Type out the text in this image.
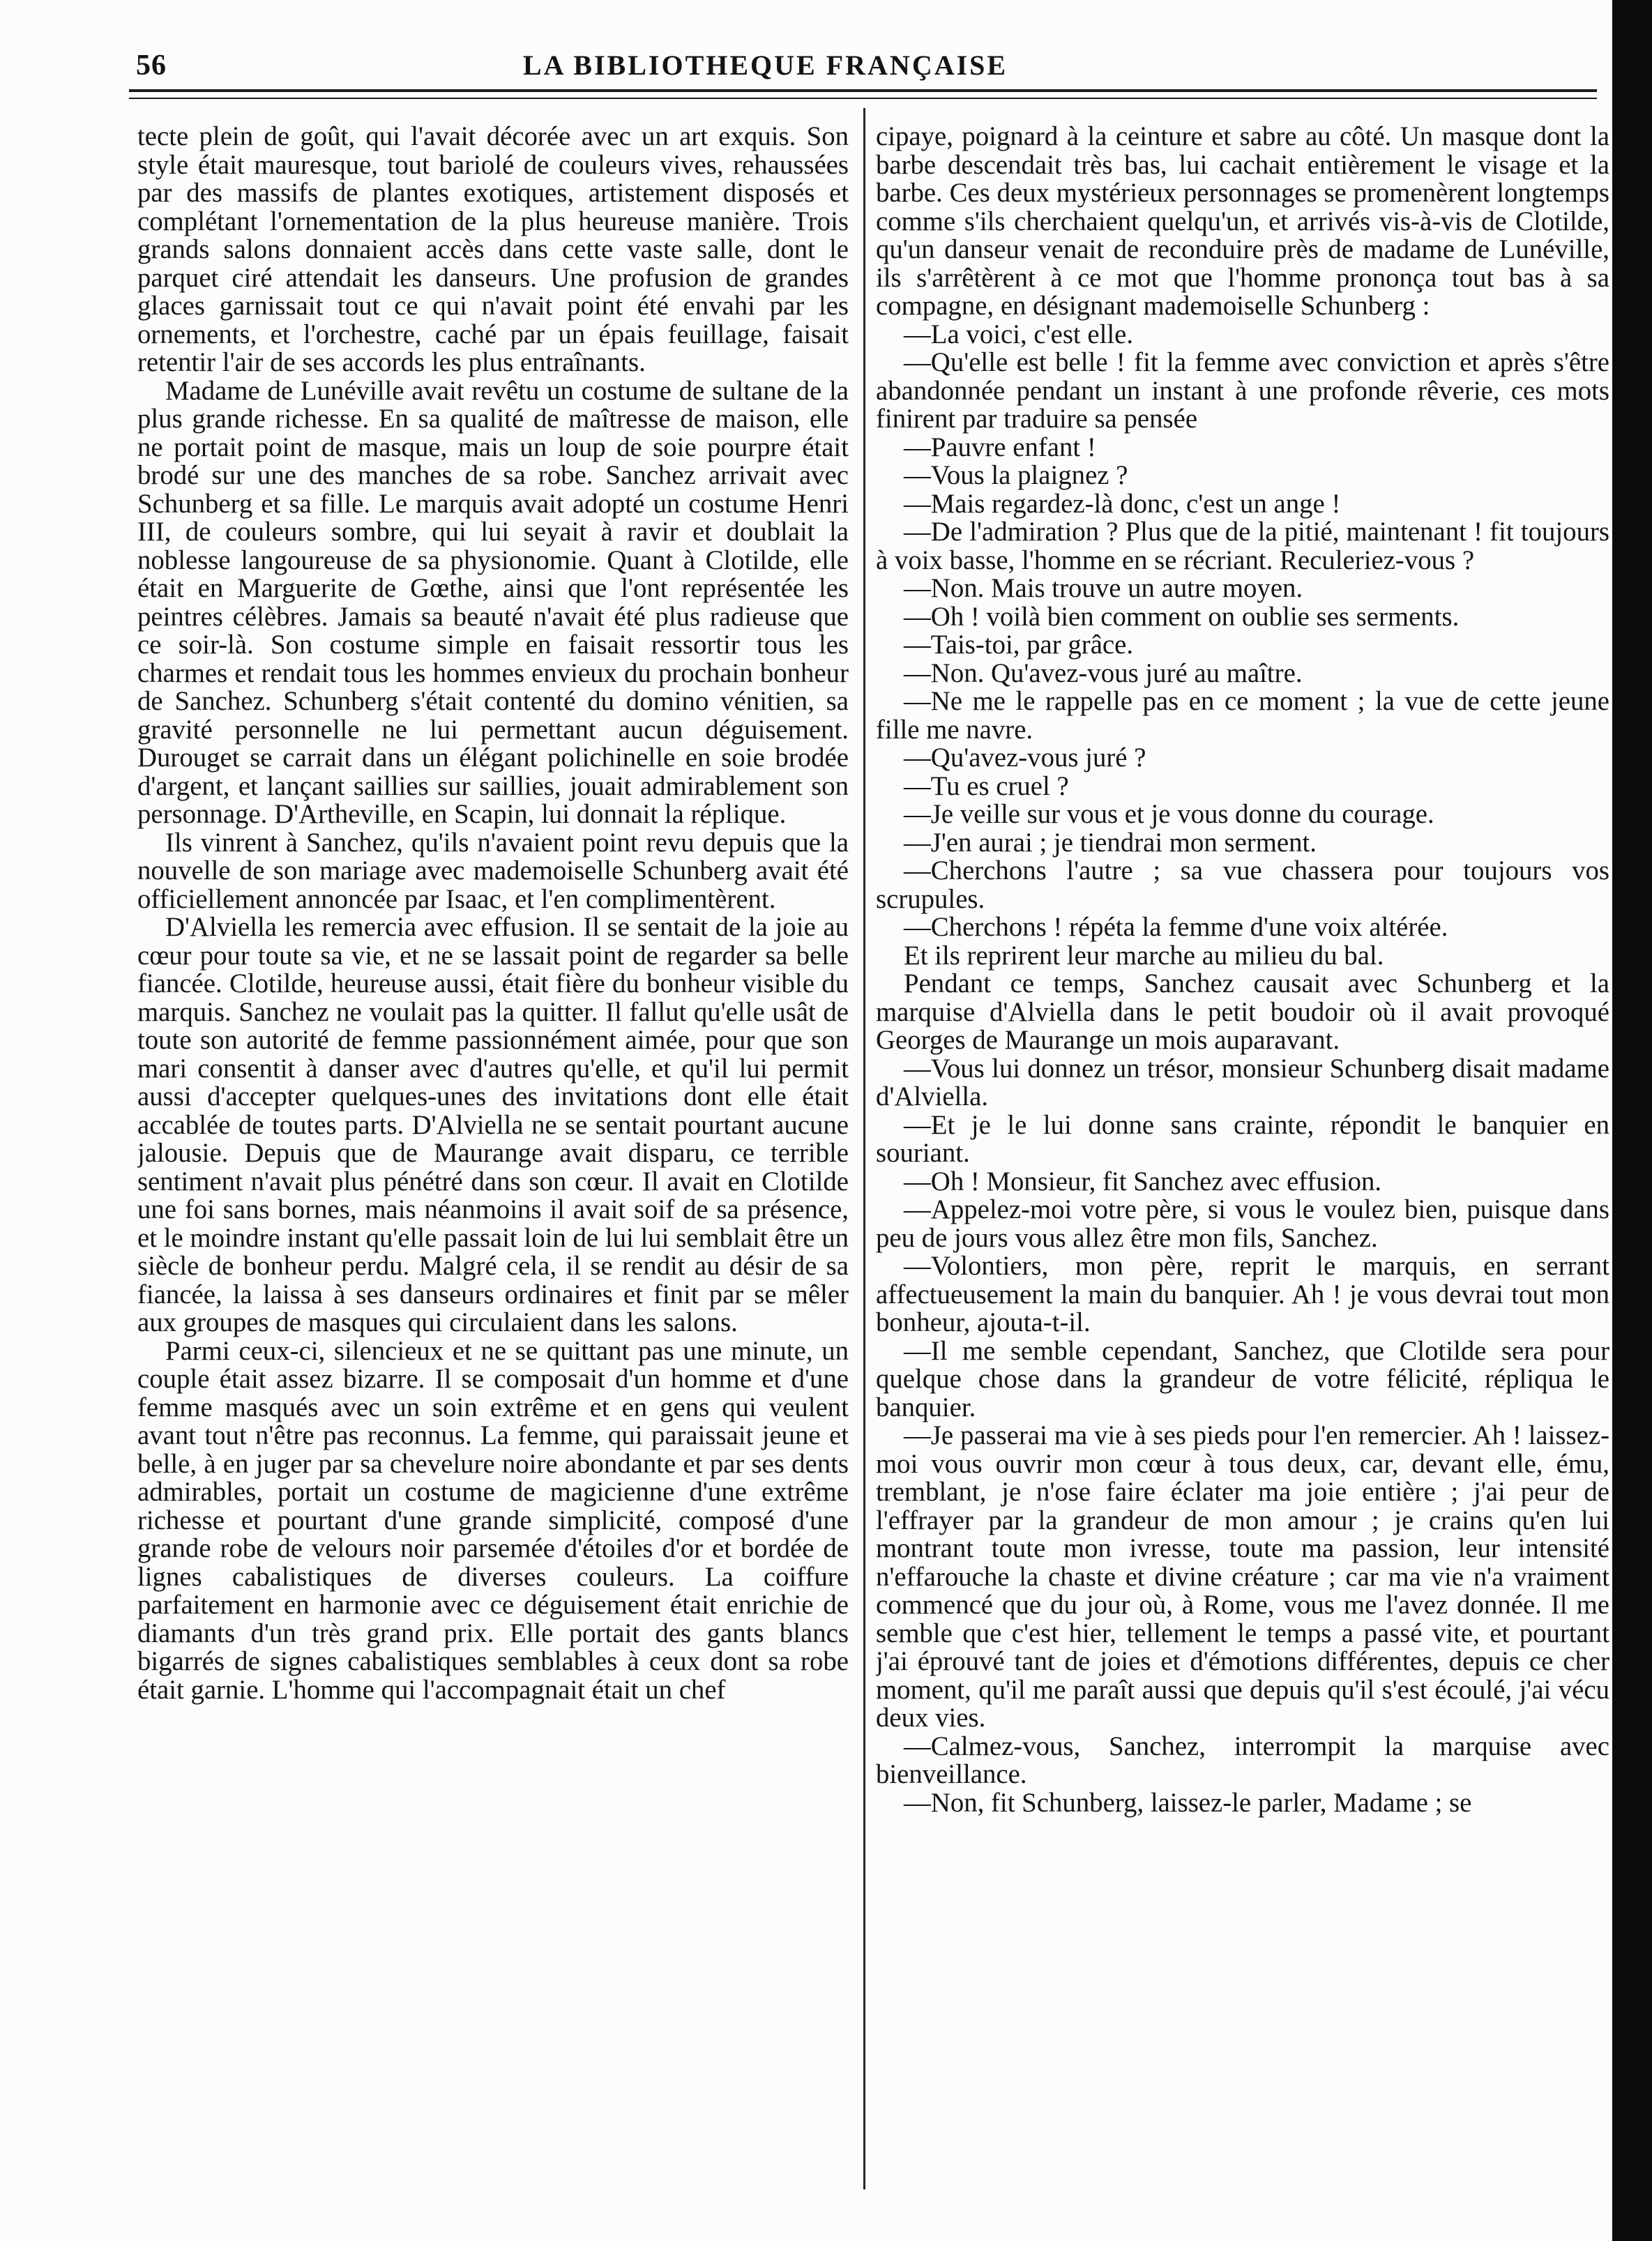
56	LA BIBLIOTHEQUE FRANÇAISE

tecte plein de goût, qui l'avait décorée avec un art exquis. Son style était mauresque, tout bariolé de couleurs vives, rehaussées par des massifs de plantes exotiques, artistement disposés et complétant l'ornementation de la plus heureuse manière. Trois grands salons donnaient accès dans cette vaste salle, dont le parquet ciré attendait les danseurs. Une profusion de grandes glaces garnissait tout ce qui n'avait point été envahi par les ornements, et l'orchestre, caché par un épais feuillage, faisait retentir l'air de ses accords les plus entraînants.

Madame de Lunéville avait revêtu un costume de sultane de la plus grande richesse. En sa qualité de maîtresse de maison, elle ne portait point de masque, mais un loup de soie pourpre était brodé sur une des manches de sa robe. Sanchez arrivait avec Schunberg et sa fille. Le marquis avait adopté un costume Henri III, de couleurs sombre, qui lui seyait à ravir et doublait la noblesse langoureuse de sa physionomie. Quant à Clotilde, elle était en Marguerite de Gœthe, ainsi que l'ont représentée les peintres célèbres. Jamais sa beauté n'avait été plus radieuse que ce soir-là. Son costume simple en faisait ressortir tous les charmes et rendait tous les hommes envieux du prochain bonheur de Sanchez. Schunberg s'était contenté du domino vénitien, sa gravité personnelle ne lui permettant aucun déguisement. Durouget se carrait dans un élégant polichinelle en soie brodée d'argent, et lançant saillies sur saillies, jouait admirablement son personnage. D'Artheville, en Scapin, lui donnait la réplique.

Ils vinrent à Sanchez, qu'ils n'avaient point revu depuis que la nouvelle de son mariage avec mademoiselle Schunberg avait été officiellement annoncée par Isaac, et l'en complimentèrent.

D'Alviella les remercia avec effusion. Il se sentait de la joie au cœur pour toute sa vie, et ne se lassait point de regarder sa belle fiancée. Clotilde, heureuse aussi, était fière du bonheur visible du marquis. Sanchez ne voulait pas la quitter. Il fallut qu'elle usât de toute son autorité de femme passionnément aimée, pour que son mari consentit à danser avec d'autres qu'elle, et qu'il lui permit aussi d'accepter quelques-unes des invitations dont elle était accablée de toutes parts. D'Alviella ne se sentait pourtant aucune jalousie. Depuis que de Maurange avait disparu, ce terrible sentiment n'avait plus pénétré dans son cœur. Il avait en Clotilde une foi sans bornes, mais néanmoins il avait soif de sa présence, et le moindre instant qu'elle passait loin de lui lui semblait être un siècle de bonheur perdu. Malgré cela, il se rendit au désir de sa fiancée, la laissa à ses danseurs ordinaires et finit par se mêler aux groupes de masques qui circulaient dans les salons.

Parmi ceux-ci, silencieux et ne se quittant pas une minute, un couple était assez bizarre. Il se composait d'un homme et d'une femme masqués avec un soin extrême et en gens qui veulent avant tout n'être pas reconnus. La femme, qui paraissait jeune et belle, à en juger par sa chevelure noire abondante et par ses dents admirables, portait un costume de magicienne d'une extrême richesse et pourtant d'une grande simplicité, composé d'une grande robe de velours noir parsemée d'étoiles d'or et bordée de lignes cabalistiques de diverses couleurs. La coiffure parfaitement en harmonie avec ce déguisement était enrichie de diamants d'un très grand prix. Elle portait des gants blancs bigarrés de signes cabalistiques semblables à ceux dont sa robe était garnie. L'homme qui l'accompagnait était un chef

cipaye, poignard à la ceinture et sabre au côté. Un masque dont la barbe descendait très bas, lui cachait entièrement le visage et la barbe. Ces deux mystérieux personnages se promenèrent longtemps comme s'ils cherchaient quelqu'un, et arrivés vis-à-vis de Clotilde, qu'un danseur venait de reconduire près de madame de Lunéville, ils s'arrêtèrent à ce mot que l'homme prononça tout bas à sa compagne, en désignant mademoiselle Schunberg :

—La voici, c'est elle.

—Qu'elle est belle ! fit la femme avec conviction et après s'être abandonnée pendant un instant à une profonde rêverie, ces mots finirent par traduire sa pensée

—Pauvre enfant !

—Vous la plaignez ?

—Mais regardez-là donc, c'est un ange !

—De l'admiration ? Plus que de la pitié, maintenant ! fit toujours à voix basse, l'homme en se récriant. Reculeriez-vous ?

—Non. Mais trouve un autre moyen.

—Oh ! voilà bien comment on oublie ses serments.

—Tais-toi, par grâce.

—Non. Qu'avez-vous juré au maître.

—Ne me le rappelle pas en ce moment ; la vue de cette jeune fille me navre.

—Qu'avez-vous juré ?

—Tu es cruel ?

—Je veille sur vous et je vous donne du courage.

—J'en aurai ; je tiendrai mon serment.

—Cherchons l'autre ; sa vue chassera pour toujours vos scrupules.

—Cherchons ! répéta la femme d'une voix altérée.

Et ils reprirent leur marche au milieu du bal.

Pendant ce temps, Sanchez causait avec Schunberg et la marquise d'Alviella dans le petit boudoir où il avait provoqué Georges de Maurange un mois auparavant.

—Vous lui donnez un trésor, monsieur Schunberg disait madame d'Alviella.

—Et je le lui donne sans crainte, répondit le banquier en souriant.

—Oh ! Monsieur, fit Sanchez avec effusion.

—Appelez-moi votre père, si vous le voulez bien, puisque dans peu de jours vous allez être mon fils, Sanchez.

—Volontiers, mon père, reprit le marquis, en serrant affectueusement la main du banquier. Ah ! je vous devrai tout mon bonheur, ajouta-t-il.

—Il me semble cependant, Sanchez, que Clotilde sera pour quelque chose dans la grandeur de votre félicité, répliqua le banquier.

—Je passerai ma vie à ses pieds pour l'en remercier. Ah ! laissez-moi vous ouvrir mon cœur à tous deux, car, devant elle, ému, tremblant, je n'ose faire éclater ma joie entière ; j'ai peur de l'effrayer par la grandeur de mon amour ; je crains qu'en lui montrant toute mon ivresse, toute ma passion, leur intensité n'effarouche la chaste et divine créature ; car ma vie n'a vraiment commencé que du jour où, à Rome, vous me l'avez donnée. Il me semble que c'est hier, tellement le temps a passé vite, et pourtant j'ai éprouvé tant de joies et d'émotions différentes, depuis ce cher moment, qu'il me paraît aussi que depuis qu'il s'est écoulé, j'ai vécu deux vies.

—Calmez-vous, Sanchez, interrompit la marquise avec bienveillance.

—Non, fit Schunberg, laissez-le parler, Madame ; se
